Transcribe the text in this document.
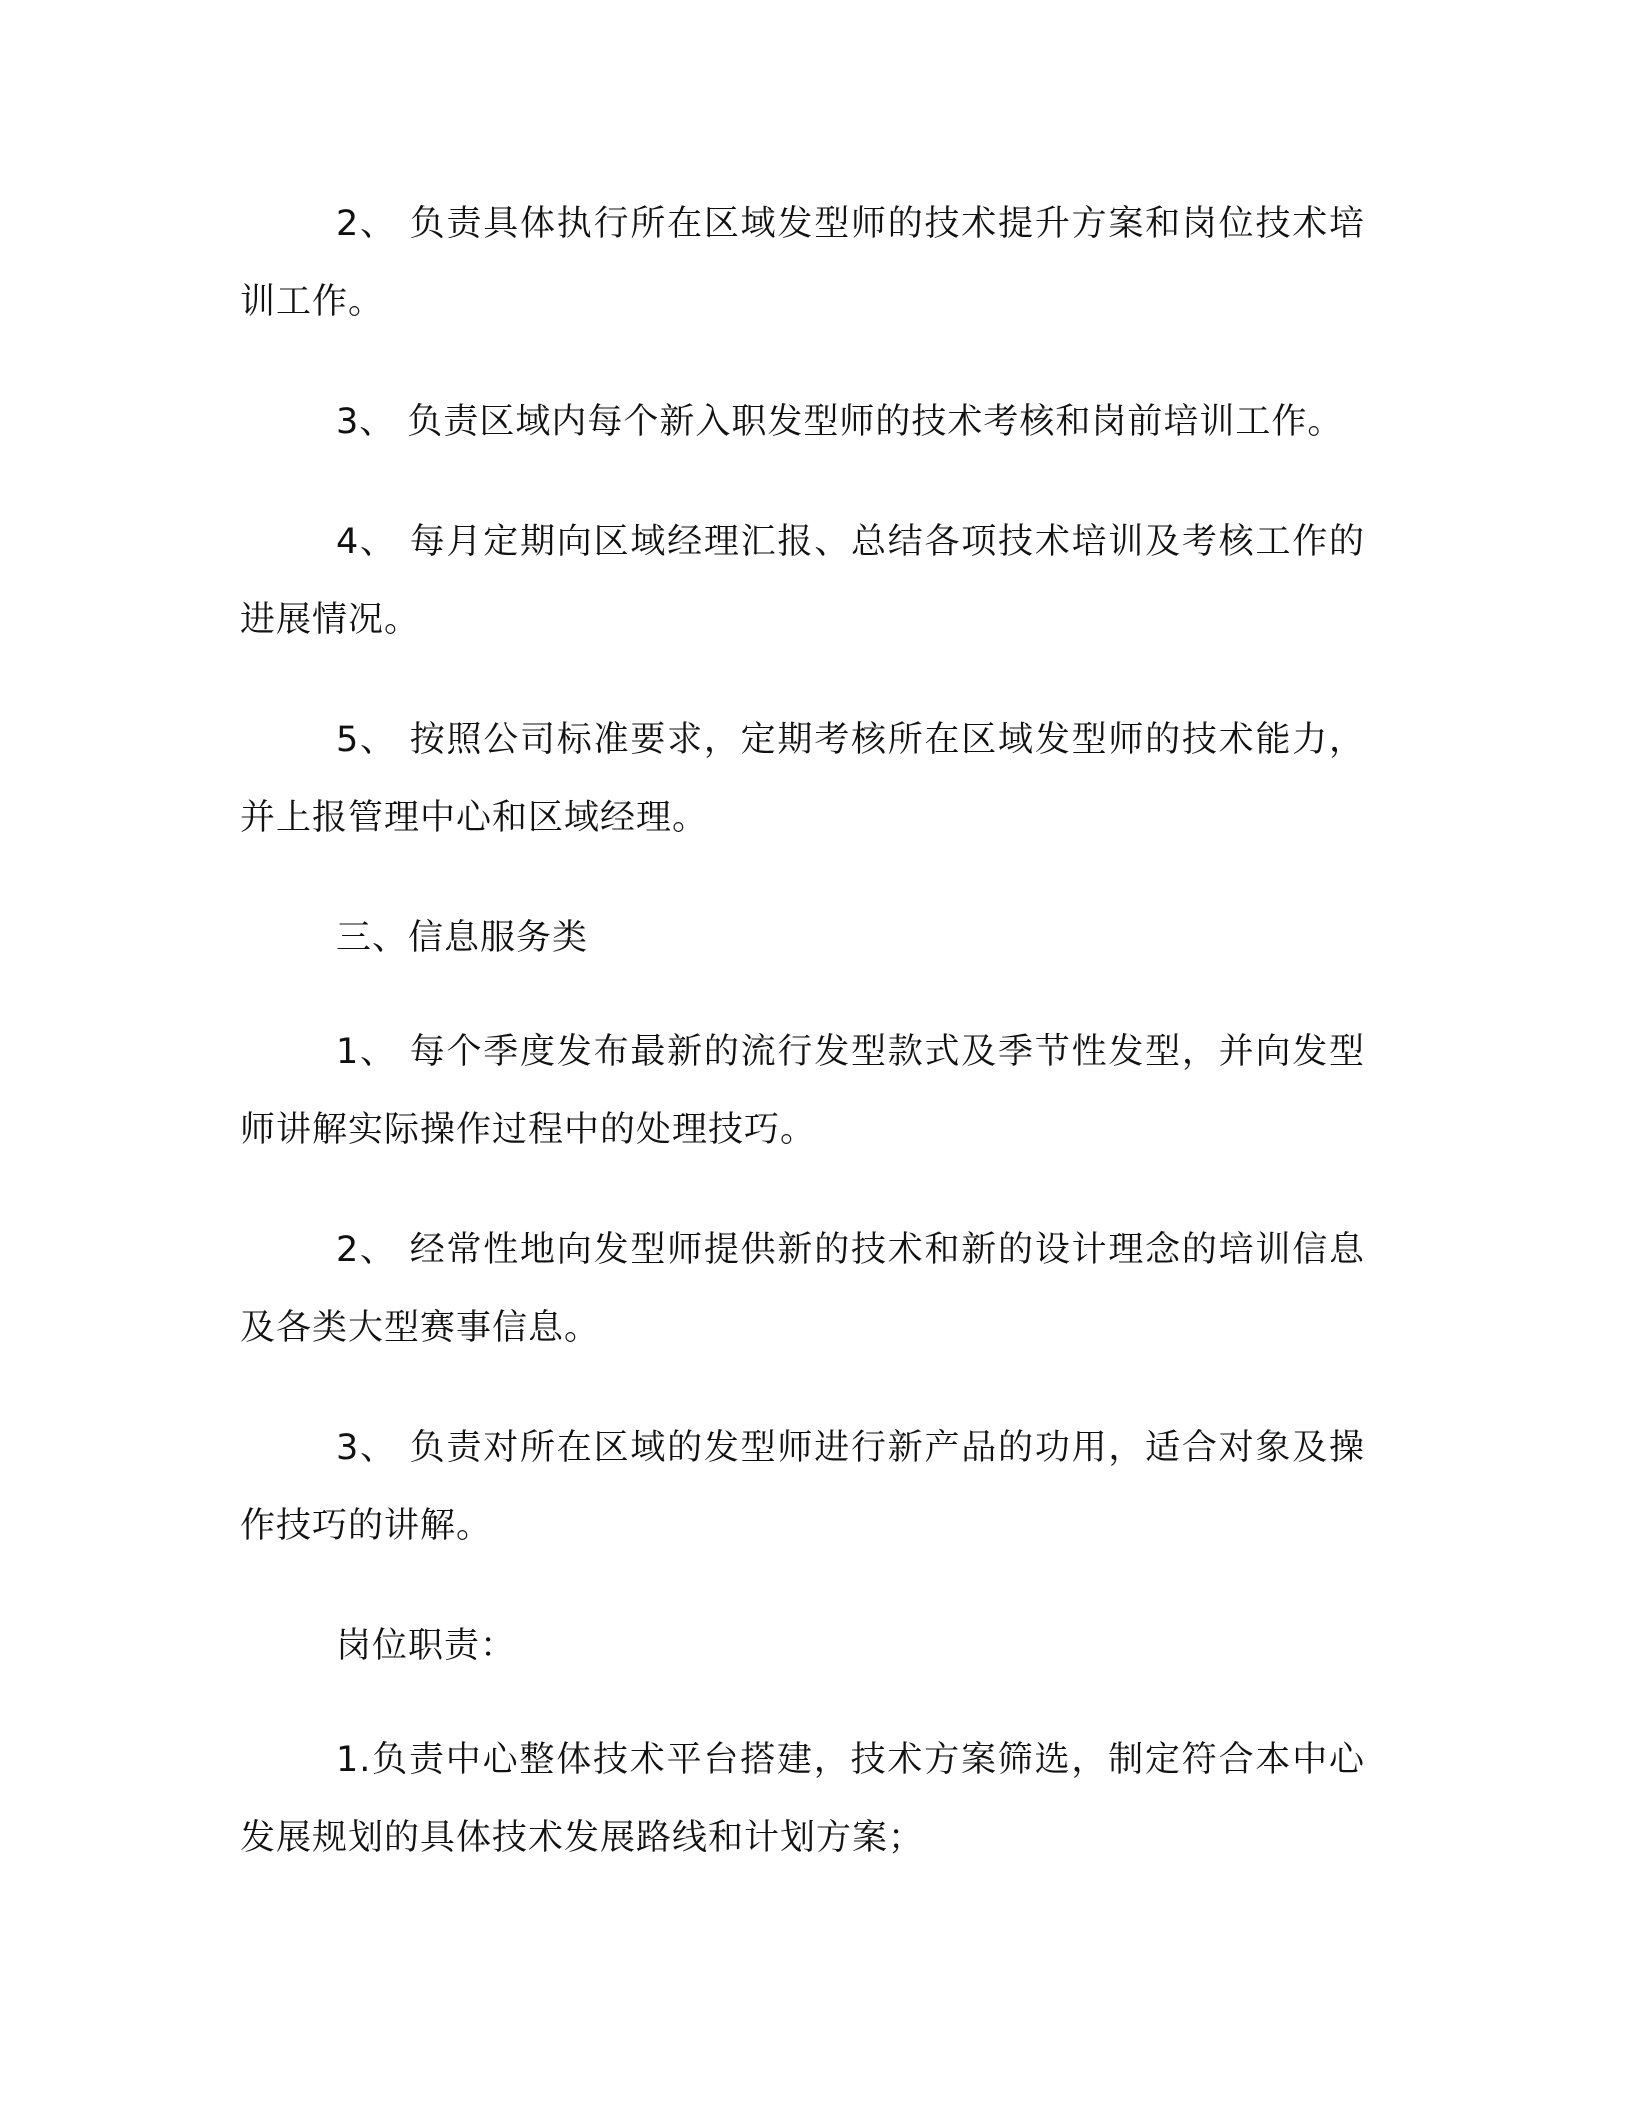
2、 负责具体执行所在区域发型师的技术提升方案和岗位技术培训工作。

3、 负责区域内每个新入职发型师的技术考核和岗前培训工作。

4、 每月定期向区域经理汇报、总结各项技术培训及考核工作的进展情况。

5、 按照公司标准要求，定期考核所在区域发型师的技术能力，并上报管理中心和区域经理。

三、信息服务类

1、 每个季度发布最新的流行发型款式及季节性发型，并向发型师讲解实际操作过程中的处理技巧。

2、 经常性地向发型师提供新的技术和新的设计理念的培训信息及各类大型赛事信息。

3、 负责对所在区域的发型师进行新产品的功用，适合对象及操作技巧的讲解。

岗位职责：

1.负责中心整体技术平台搭建，技术方案筛选，制定符合本中心发展规划的具体技术发展路线和计划方案；
